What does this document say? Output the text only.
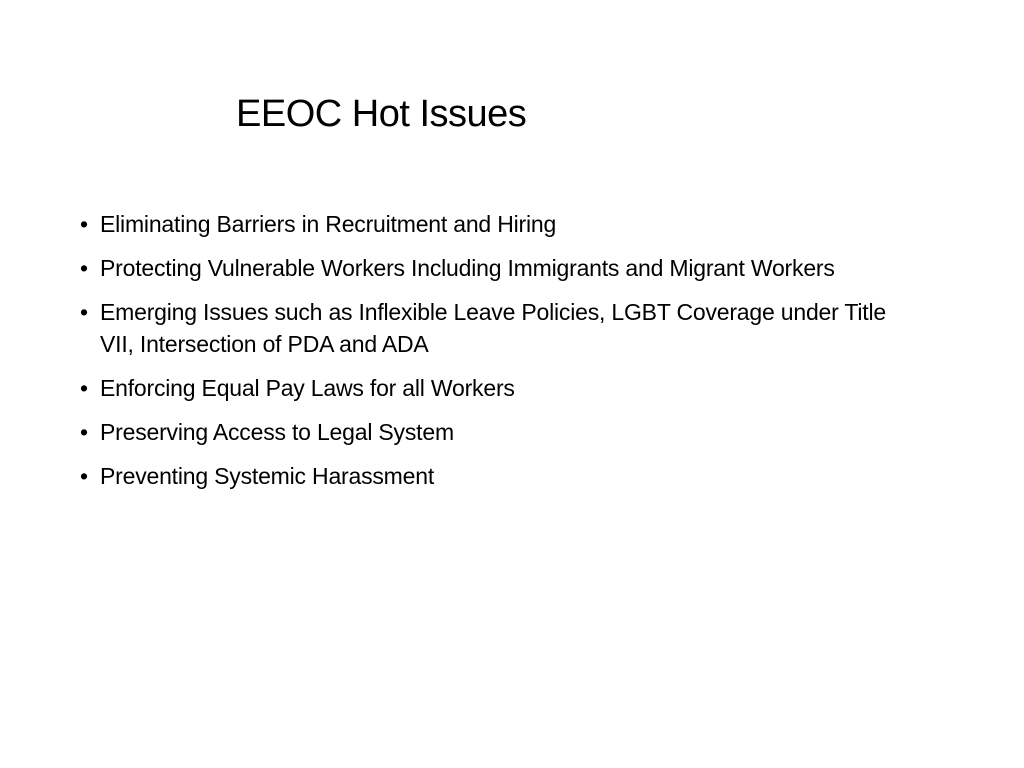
EEOC Hot Issues
• Eliminating Barriers in Recruitment and Hiring
• Protecting Vulnerable Workers Including Immigrants and Migrant Workers
• Emerging Issues such as Inflexible Leave Policies, LGBT Coverage under Title VII, Intersection of PDA and ADA
• Enforcing Equal Pay Laws for all Workers
• Preserving Access to Legal System
• Preventing Systemic Harassment
